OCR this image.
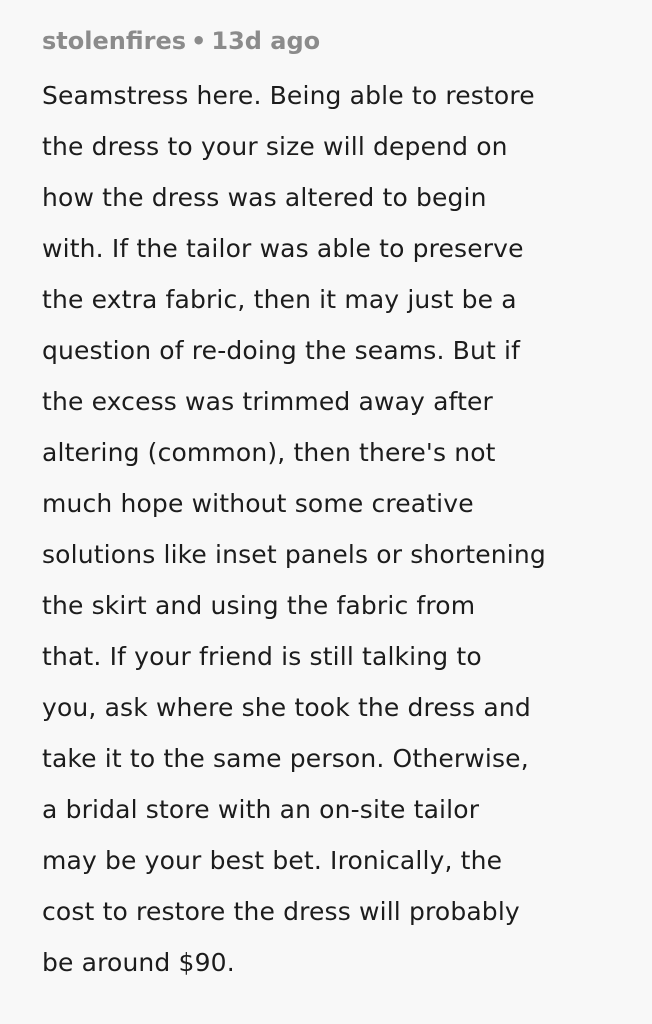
stolenfires • 13d ago
Seamstress here. Being able to restore
the dress to your size will depend on
how the dress was altered to begin
with. If the tailor was able to preserve
the extra fabric, then it may just be a
question of re-doing the seams. But if
the excess was trimmed away after
altering (common), then there's not
much hope without some creative
solutions like inset panels or shortening
the skirt and using the fabric from
that. If your friend is still talking to
you, ask where she took the dress and
take it to the same person. Otherwise,
a bridal store with an on-site tailor
may be your best bet. Ironically, the
cost to restore the dress will probably
be around $90.
